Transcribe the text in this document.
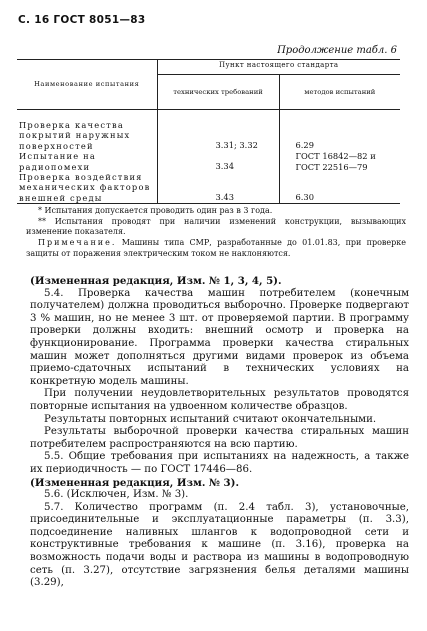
С. 16 ГОСТ 8051—83
Продолжение табл. 6
Наименование испытания	Пункт настоящего стандарта	
	технических требований	методов испытаний
Проверка качества покрытий наружных поверхностей	3.31; 3.32	6.29
Испытание на радиопомехи	3.34	ГОСТ 16842—82 и ГОСТ 22516—79
Проверка воздействия механических факторов внешней среды	3.43	6.30

* Испытания допускается проводить один раз в 3 года.

** Испытания проводят при наличии изменений конструкции, вызывающих изменение показателя.

Примечание. Машины типа СМР, разработанные до 01.01.83, при проверке защиты от поражения электрическим током не наклоняются.

(Измененная редакция, Изм. № 1, 3, 4, 5).

5.4. Проверка качества машин потребителем (конечным получателем) должна проводиться выборочно. Проверке подвергают 3 % машин, но не менее 3 шт. от проверяемой партии. В программу проверки должны входить: внешний осмотр и проверка на функционирование. Программа проверки качества стиральных машин может дополняться другими видами проверок из объема приемо-сдаточных испытаний в технических условиях на конкретную модель машины.

При получении неудовлетворительных результатов проводятся повторные испытания на удвоенном количестве образцов.

Результаты повторных испытаний считают окончательными.

Результаты выборочной проверки качества стиральных машин потребителем распространяются на всю партию.

5.5. Общие требования при испытаниях на надежность, а также их периодичность — по ГОСТ 17446—86.

(Измененная редакция, Изм. № 3).

5.6. (Исключен, Изм. № 3).

5.7. Количество программ (п. 2.4 табл. 3), установочные, присоединительные и эксплуатационные параметры (п. 3.3), подсоединение наливных шлангов к водопроводной сети и конструктивные требования к машине (п. 3.16), проверка на возможность подачи воды и раствора из машины в водопроводную сеть (п. 3.27), отсутствие загрязнения белья деталями машины (3.29),
